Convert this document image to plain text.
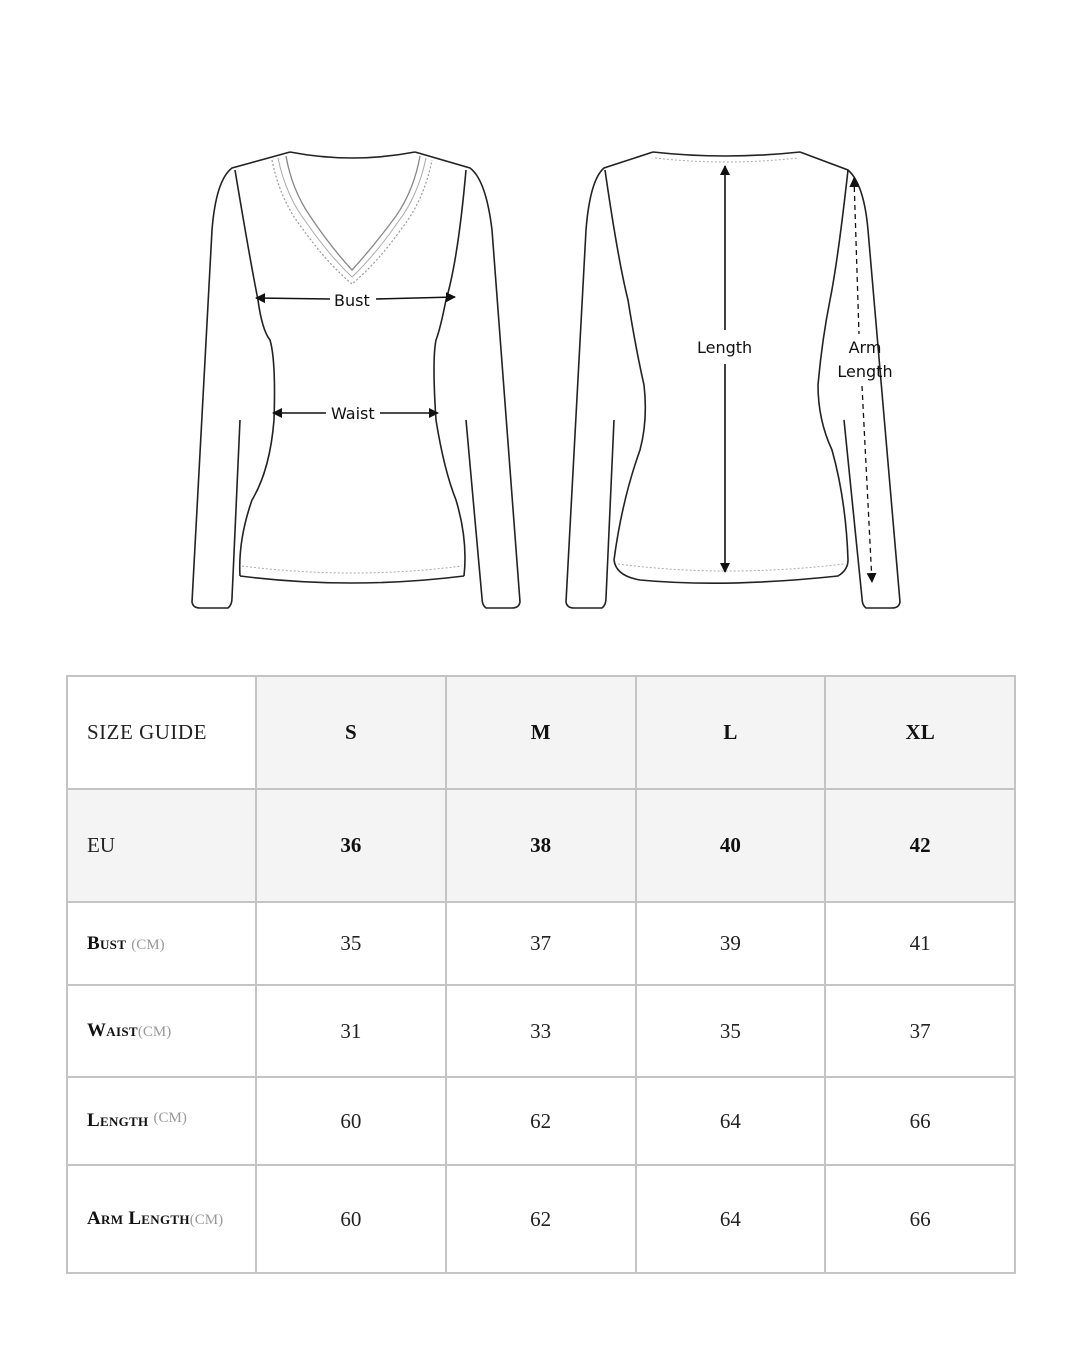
Bust
Waist
Length	Arm
Length
SIZE GUIDE	S	M	L	XL
EU	36	38	40	42
Bust (CM)	35	37	39	41
Waist(CM)	31	33	35	37
Length (CM)	60	62	64	66
Arm Length(CM)	60	62	64	66
